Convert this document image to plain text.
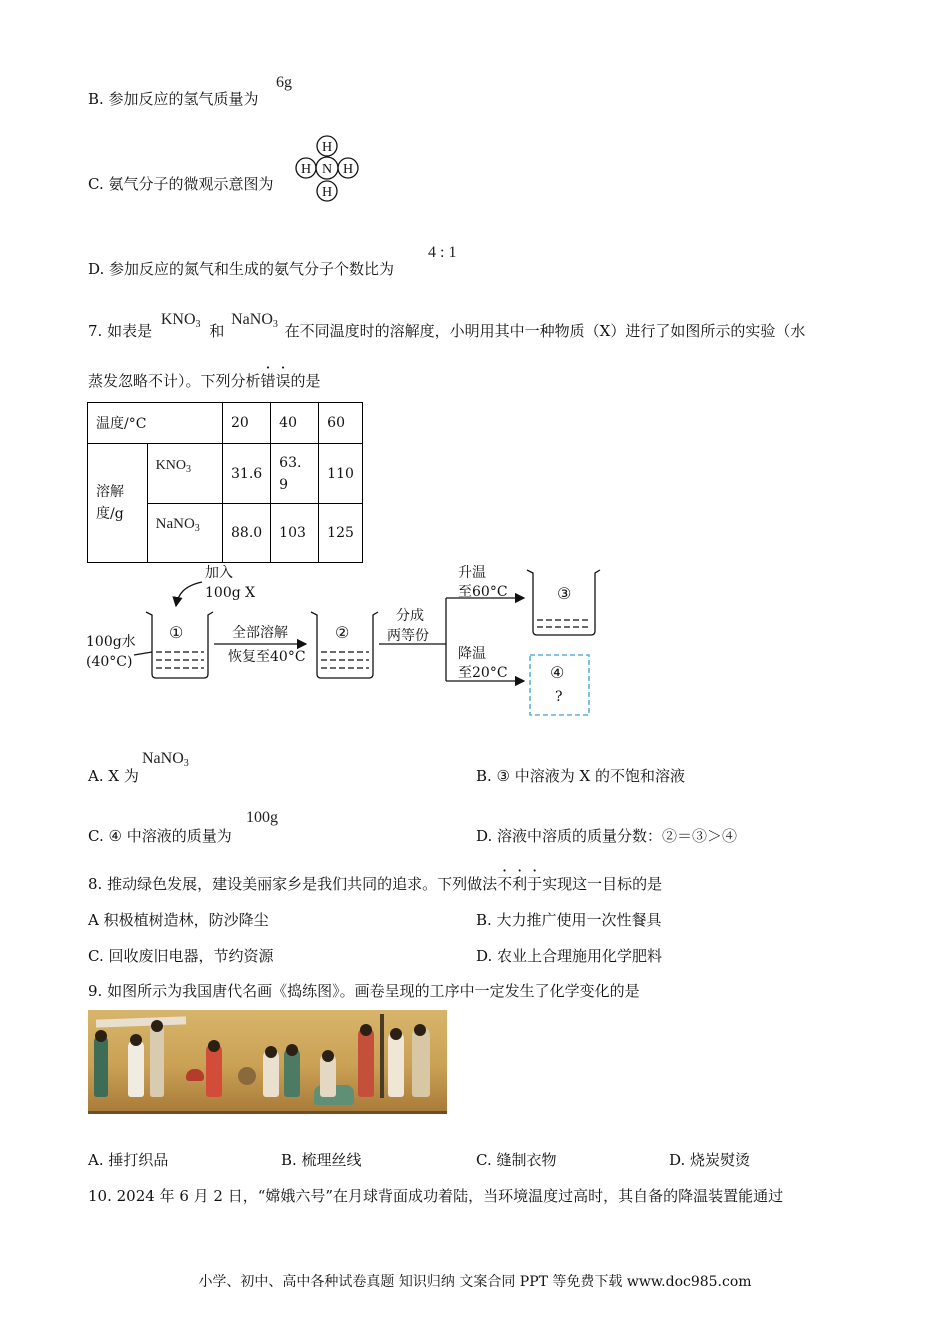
B. 参加反应的氢气质量为
6g
C. 氨气分子的微观示意图为
H
H N H
H
D. 参加反应的氮气和生成的氨气分子个数比为
4 : 1
7. 如表是 $KNO_3$ 和 NaNO$_3$ 在不同温度时的溶解度，小明用其中一种物质（X）进行了如图所示的实验（水
蒸发忽略不计）。下列分析错误的是
温度/°C		20	40	60
溶解
度/g	$KNO_3$	31.6	63.9	110
	NaNO$_3$	88.0	103	125
加入
100g X
①
100g水
(40°C)
全部溶解
恢复至40°C
②
分成
两等份
升温
至60°C
降温
至20°C
③
④
?
A. X 为
NaNO$_3$
B. ③ 中溶液为 X 的不饱和溶液
C. ④ 中溶液的质量为
100g
D. 溶液中溶质的质量分数：②＝③＞④
8. 推动绿色发展，建设美丽家乡是我们共同的追求。下列做法不利于实现这一目标的是
A 积极植树造林，防沙降尘	B. 大力推广使用一次性餐具
C. 回收废旧电器，节约资源	D. 农业上合理施用化学肥料
9. 如图所示为我国唐代名画《捣练图》。画卷呈现的工序中一定发生了化学变化的是
A. 捶打织品	B. 梳理丝线	C. 缝制衣物	D. 烧炭熨烫
10. 2024 年 6 月 2 日，“嫦娥六号”在月球背面成功着陆，当环境温度过高时，其自备的降温装置能通过
小学、初中、高中各种试卷真题 知识归纳 文案合同 PPT 等免费下载 www.doc985.com
